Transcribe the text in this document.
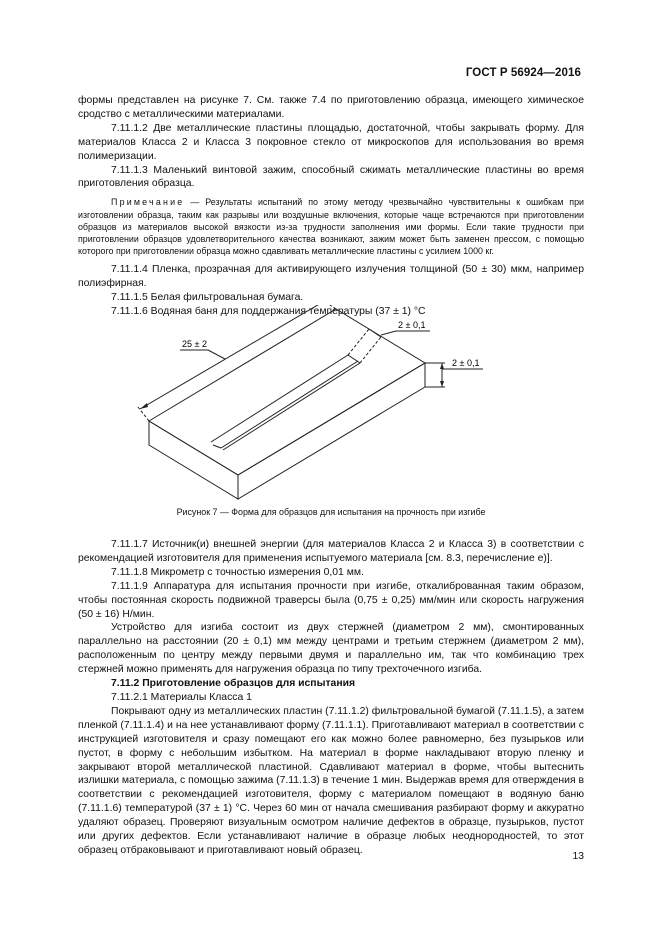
ГОСТ Р 56924—2016

формы представлен на рисунке 7. См. также 7.4 по приготовлению образца, имеющего химическое сродство с металлическими материалами.

7.11.1.2 Две металлические пластины площадью, достаточной, чтобы закрывать форму. Для материалов Класса 2 и Класса 3 покровное стекло от микроскопов для использования во время полимеризации.

7.11.1.3 Маленький винтовой зажим, способный сжимать металлические пластины во время приготовления образца.

Примечание — Результаты испытаний по этому методу чрезвычайно чувствительны к ошибкам при изготовлении образца, таким как разрывы или воздушные включения, которые чаще встречаются при приготовлении образцов из материалов высокой вязкости из-за трудности заполнения ими формы. Если такие трудности при приготовлении образцов удовлетворительного качества возникают, зажим может быть заменен прессом, с помощью которого при приготовлении образца можно сдавливать металлические пластины с усилием 1000 кг.

7.11.1.4 Пленка, прозрачная для активирующего излучения толщиной (50 ± 30) мкм, например полиэфирная.

7.11.1.5 Белая фильтровальная бумага.

7.11.1.6 Водяная баня для поддержания температуры (37 ± 1) °С

25 ± 2
2 ± 0,1
2 ± 0,1
Рисунок 7 — Форма для образцов для испытания на прочность при изгибе

7.11.1.7 Источник(и) внешней энергии (для материалов Класса 2 и Класса 3) в соответствии с рекомендацией изготовителя для применения испытуемого материала [см. 8.3, перечисление е)].

7.11.1.8 Микрометр с точностью измерения 0,01 мм.

7.11.1.9 Аппаратура для испытания прочности при изгибе, откалиброванная таким образом, чтобы постоянная скорость подвижной траверсы была (0,75 ± 0,25) мм/мин или скорость нагружения (50 ± 16) Н/мин.

Устройство для изгиба состоит из двух стержней (диаметром 2 мм), смонтированных параллельно на расстоянии (20 ± 0,1) мм между центрами и третьим стержнем (диаметром 2 мм), расположенным по центру между первыми двумя и параллельно им, так что комбинацию трех стержней можно применять для нагружения образца по типу трехточечного изгиба.

7.11.2 Приготовление образцов для испытания

7.11.2.1 Материалы Класса 1

Покрывают одну из металлических пластин (7.11.1.2) фильтровальной бумагой (7.11.1.5), а затем пленкой (7.11.1.4) и на нее устанавливают форму (7.11.1.1). Приготавливают материал в соответствии с инструкцией изготовителя и сразу помещают его как можно более равномерно, без пузырьков или пустот, в форму с небольшим избытком. На материал в форме накладывают вторую пленку и закрывают второй металлической пластиной. Сдавливают материал в форме, чтобы вытеснить излишки материала, с помощью зажима (7.11.1.3) в течение 1 мин. Выдержав время для отверждения в соответствии с рекомендацией изготовителя, форму с материалом помещают в водяную баню (7.11.1.6) температурой (37 ± 1) °С. Через 60 мин от начала смешивания разбирают форму и аккуратно удаляют образец. Проверяют визуальным осмотром наличие дефектов в образце, пузырьков, пустот или других дефектов. Если устанавливают наличие в образце любых неоднородностей, то этот образец отбраковывают и приготавливают новый образец.

13
